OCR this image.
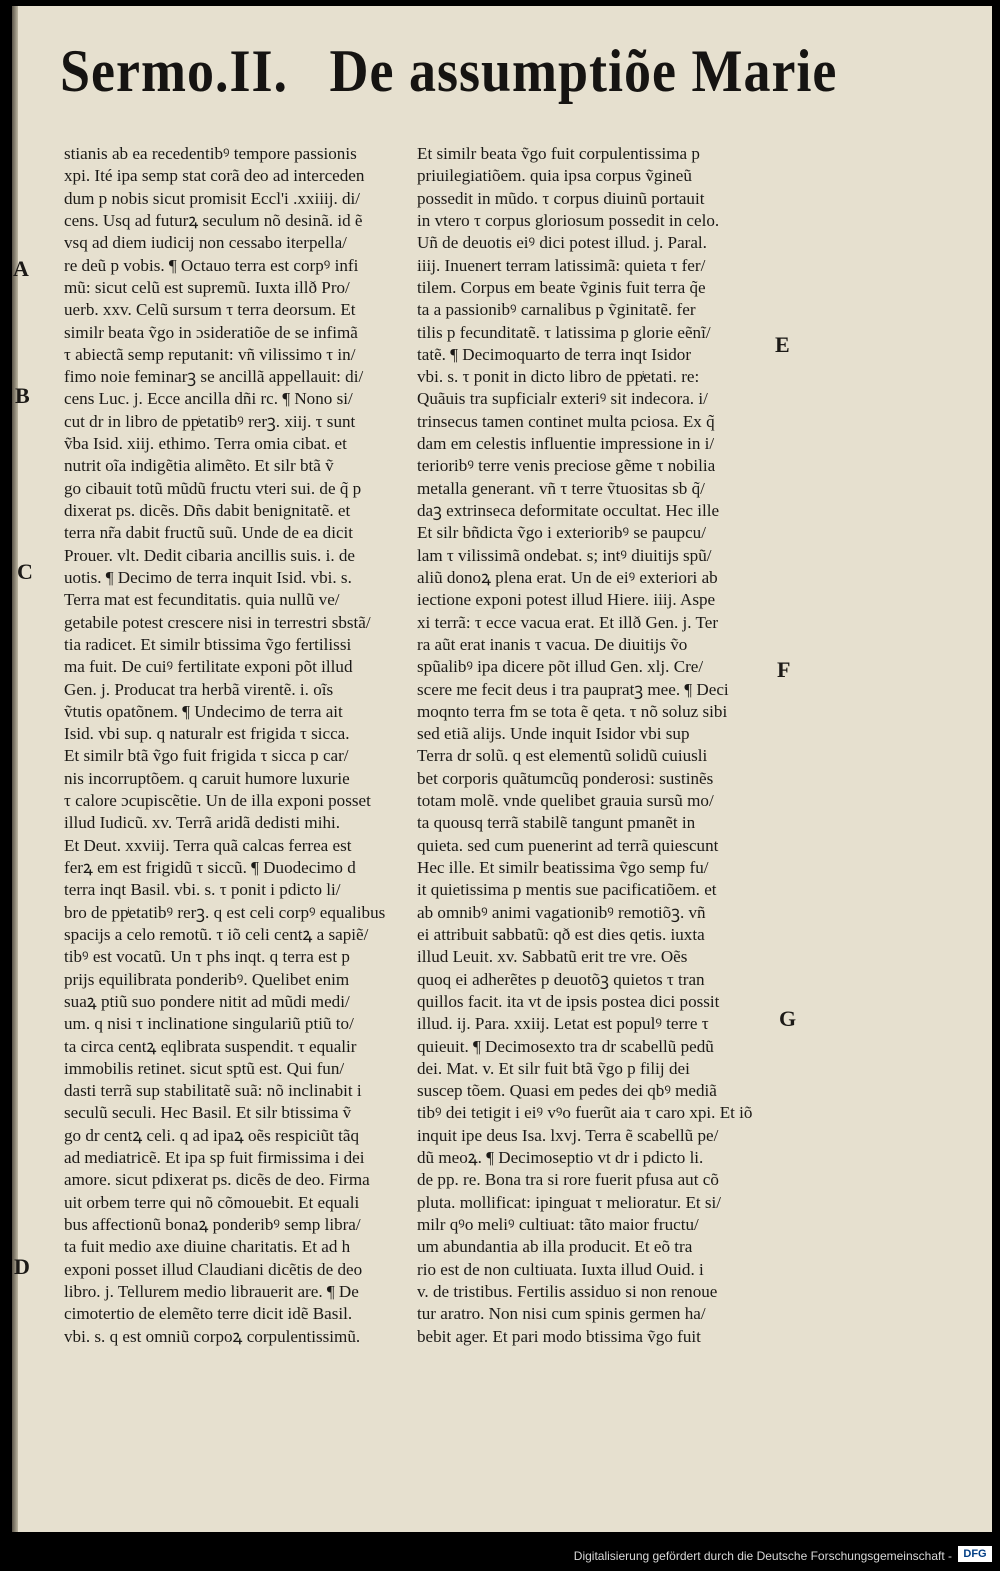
Sermo.II. De assumptiõe Marie
stianis ab ea recedentibꝰ tempore passionis
xpi. Ité ipa semp stat corã deo ad interceden
dum p nobis sicut promisit Eccl'i .xxiiij. di/
cens. Usq ad futurꝝ seculum nõ desinã. id ẽ
vsq ad diem iudicij non cessabo iterpella/
re deũ p vobis. ¶ Octauo terra est corpꝰ infi
mũ: sicut celũ est supremũ. Iuxta illð Pro/
uerb. xxv. Celũ sursum τ terra deorsum. Et
similr beata ṽgo in ɔsideratiõe de se infimã
τ abiectã semp reputanit: vñ vilissimo τ in/
fimo noie feminarꝫ se ancillã appellauit: di/
cens Luc. j. Ecce ancilla dñi rc. ¶ Nono si/
cut dr in libro de ppͥetatibꝰ rerꝫ. xiij. τ sunt
ṽba Isid. xiij. ethimo. Terra omia cibat. et
nutrit oĩa indigẽtia alimẽto. Et silr btã ṽ
go cibauit totũ mũdũ fructu vteri sui. de q̃ p
dixerat ps. dicẽs. Dñs dabit benignitatẽ. et
terra nr̃a dabit fructũ suũ. Unde de ea dicit
Prouer. vlt. Dedit cibaria ancillis suis. i. de
uotis. ¶ Decimo de terra inquit Isid. vbi. s.
Terra mat est fecunditatis. quia nullũ ve/
getabile potest crescere nisi in terrestri sbstã/
tia radicet. Et similr btissima ṽgo fertilissi
ma fuit. De cuiꝰ fertilitate exponi põt illud
Gen. j. Producat tra herbã virentẽ. i. oĩs
ṽtutis opatõnem. ¶ Undecimo de terra ait
Isid. vbi sup. q naturalr est frigida τ sicca.
Et similr btã ṽgo fuit frigida τ sicca p car/
nis incorruptõem. q caruit humore luxurie
τ calore ɔcupiscẽtie. Un de illa exponi posset
illud Iudicũ. xv. Terrã aridã dedisti mihi.
Et Deut. xxviij. Terra quã calcas ferrea est
ferꝝ em est frigidũ τ siccũ. ¶ Duodecimo d
terra inqt Basil. vbi. s. τ ponit i pdicto li/
bro de ppͥetatibꝰ rerꝫ. q est celi corpꝰ equalibus
spacijs a celo remotũ. τ iõ celi centꝝ a sapiẽ/
tibꝰ est vocatũ. Un τ phs inqt. q terra est p
prijs equilibrata ponderibꝰ. Quelibet enim
suaꝝ ptiũ suo pondere nitit ad mũdi medi/
um. q nisi τ inclinatione singulariũ ptiũ to/
ta circa centꝝ eqlibrata suspendit. τ equalir
immobilis retinet. sicut sptũ est. Qui fun/
dasti terrã sup stabilitatẽ suã: nõ inclinabit i
seculũ seculi. Hec Basil. Et silr btissima ṽ
go dr centꝝ celi. q ad ipaꝝ oẽs respiciũt tãq
ad mediatricẽ. Et ipa sp fuit firmissima i dei
amore. sicut pdixerat ps. dicẽs de deo. Firma
uit orbem terre qui nõ cõmouebit. Et equali
bus affectionũ bonaꝝ ponderibꝰ semp libra/
ta fuit medio axe diuine charitatis. Et ad h
exponi posset illud Claudiani dicẽtis de deo
libro. j. Tellurem medio librauerit are. ¶ De
cimotertio de elemẽto terre dicit idẽ Basil.
vbi. s. q est omniũ corpoꝝ corpulentissimũ.
Et similr beata ṽgo fuit corpulentissima p
priuilegiatiõem. quia ipsa corpus ṽgineũ
possedit in mũdo. τ corpus diuinũ portauit
in vtero τ corpus gloriosum possedit in celo.
Uñ de deuotis eiꝰ dici potest illud. j. Paral.
iiij. Inuenert terram latissimã: quieta τ fer/
tilem. Corpus em beate ṽginis fuit terra q̃e
ta a passionibꝰ carnalibus p ṽginitatẽ. fer
tilis p fecunditatẽ. τ latissima p glorie eẽnĩ/
tatẽ. ¶ Decimoquarto de terra inqt Isidor
vbi. s. τ ponit in dicto libro de ppͥetati. re:
Quãuis tra supficialr exteriꝰ sit indecora. i/
trinsecus tamen continet multa pciosa. Ex q̃
dam em celestis influentie impressione in i/
terioribꝰ terre venis preciose gẽme τ nobilia
metalla generant. vñ τ terre ṽtuositas sb q̃/
daꝫ extrinseca deformitate occultat. Hec ille
Et silr bñdicta ṽgo i exterioribꝰ se paupcu/
lam τ vilissimã ondebat. s; intꝰ diuitijs spũ/
aliũ donoꝝ plena erat. Un de eiꝰ exteriori ab
iectione exponi potest illud Hiere. iiij. Aspe
xi terrã: τ ecce vacua erat. Et illð Gen. j. Ter
ra aũt erat inanis τ vacua. De diuitijs ṽo
spũalibꝰ ipa dicere põt illud Gen. xlj. Cre/
scere me fecit deus i tra paupratꝫ mee. ¶ Deci
moqnto terra fm se tota ẽ qeta. τ nõ soluz sibi
sed etiã alijs. Unde inquit Isidor vbi sup
Terra dr solũ. q est elementũ solidũ cuiusli
bet corporis quãtumcũq ponderosi: sustinẽs
totam molẽ. vnde quelibet grauia sursũ mo/
ta quousq terrã stabilẽ tangunt pmanẽt in
quieta. sed cum puenerint ad terrã quiescunt
Hec ille. Et similr beatissima ṽgo semp fu/
it quietissima p mentis sue pacificatiõem. et
ab omnibꝰ animi vagationibꝰ remotiõꝫ. vñ
ei attribuit sabbatũ: qð est dies qetis. iuxta
illud Leuit. xv. Sabbatũ erit tre vre. Oẽs
quoq ei adherẽtes p deuotõꝫ quietos τ tran
quillos facit. ita vt de ipsis postea dici possit
illud. ij. Para. xxiij. Letat est populꝰ terre τ
quieuit. ¶ Decimosexto tra dr scabellũ pedũ
dei. Mat. v. Et silr fuit btã ṽgo p filij dei
suscep tõem. Quasi em pedes dei qbꝰ mediã
tibꝰ dei tetigit i eiꝰ vꝰo fuerũt aia τ caro xpi. Et iõ
inquit ipe deus Isa. lxvj. Terra ẽ scabellũ pe/
dũ meoꝝ. ¶ Decimoseptio vt dr i pdicto li.
de pp. re. Bona tra si rore fuerit pfusa aut cõ
pluta. mollificat: ipinguat τ melioratur. Et si/
milr qꝰo meliꝰ cultiuat: tãto maior fructu/
um abundantia ab illa producit. Et eõ tra
rio est de non cultiuata. Iuxta illud Ouid. i
v. de tristibus. Fertilis assiduo si non renoue
tur aratro. Non nisi cum spinis germen ha/
bebit ager. Et pari modo btissima ṽgo fuit
A
B
C
D
E
F
G
Digitalisierung gefördert durch die Deutsche Forschungsgemeinschaft -	DFG
